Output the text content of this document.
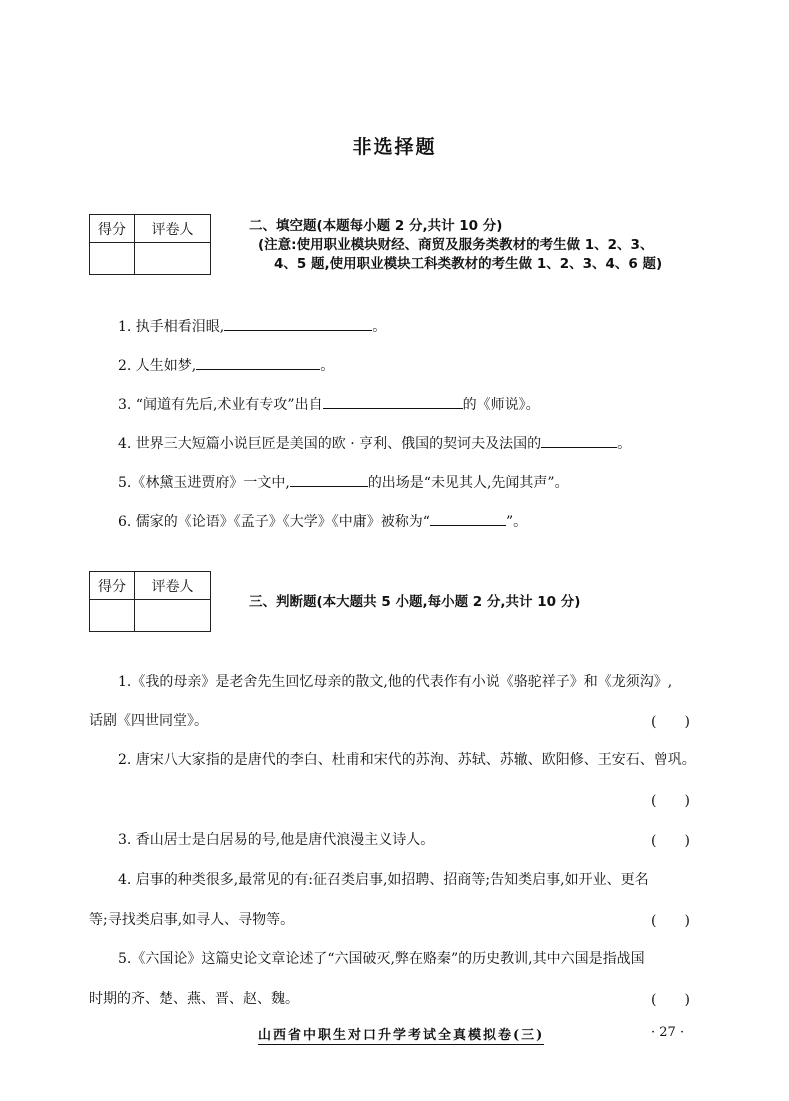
非选择题
得分	评卷人
		二、填空题(本题每小题 2 分,共计 10 分)
(注意:使用职业模块财经、商贸及服务类教材的考生做 1、2、3、
4、5 题,使用职业模块工科类教材的考生做 1、2、3、4、6 题)
1. 执手相看泪眼,	。
2. 人生如梦,	。
3. “闻道有先后,术业有专攻”出自	的《师说》。
4. 世界三大短篇小说巨匠是美国的欧 · 亨利、俄国的契诃夫及法国的	。
5.《林黛玉进贾府》一文中,	的出场是“未见其人,先闻其声”。
6. 儒家的《论语》《孟子》《大学》《中庸》被称为“	”。
得分	评卷人

三、判断题(本大题共 5 小题,每小题 2 分,共计 10 分)
1.《我的母亲》是老舍先生回忆母亲的散文,他的代表作有小说《骆驼祥子》和《龙须沟》,
话剧《四世同堂》。	(　　)
2. 唐宋八大家指的是唐代的李白、杜甫和宋代的苏洵、苏轼、苏辙、欧阳修、王安石、曾巩。
(　　)
3. 香山居士是白居易的号,他是唐代浪漫主义诗人。	(　　)
4. 启事的种类很多,最常见的有:征召类启事,如招聘、招商等;告知类启事,如开业、更名
等;寻找类启事,如寻人、寻物等。	(　　)
5.《六国论》这篇史论文章论述了“六国破灭,弊在赂秦”的历史教训,其中六国是指战国
时期的齐、楚、燕、晋、赵、魏。	(　　)
山西省中职生对口升学考试全真模拟卷(三)	· 27 ·
